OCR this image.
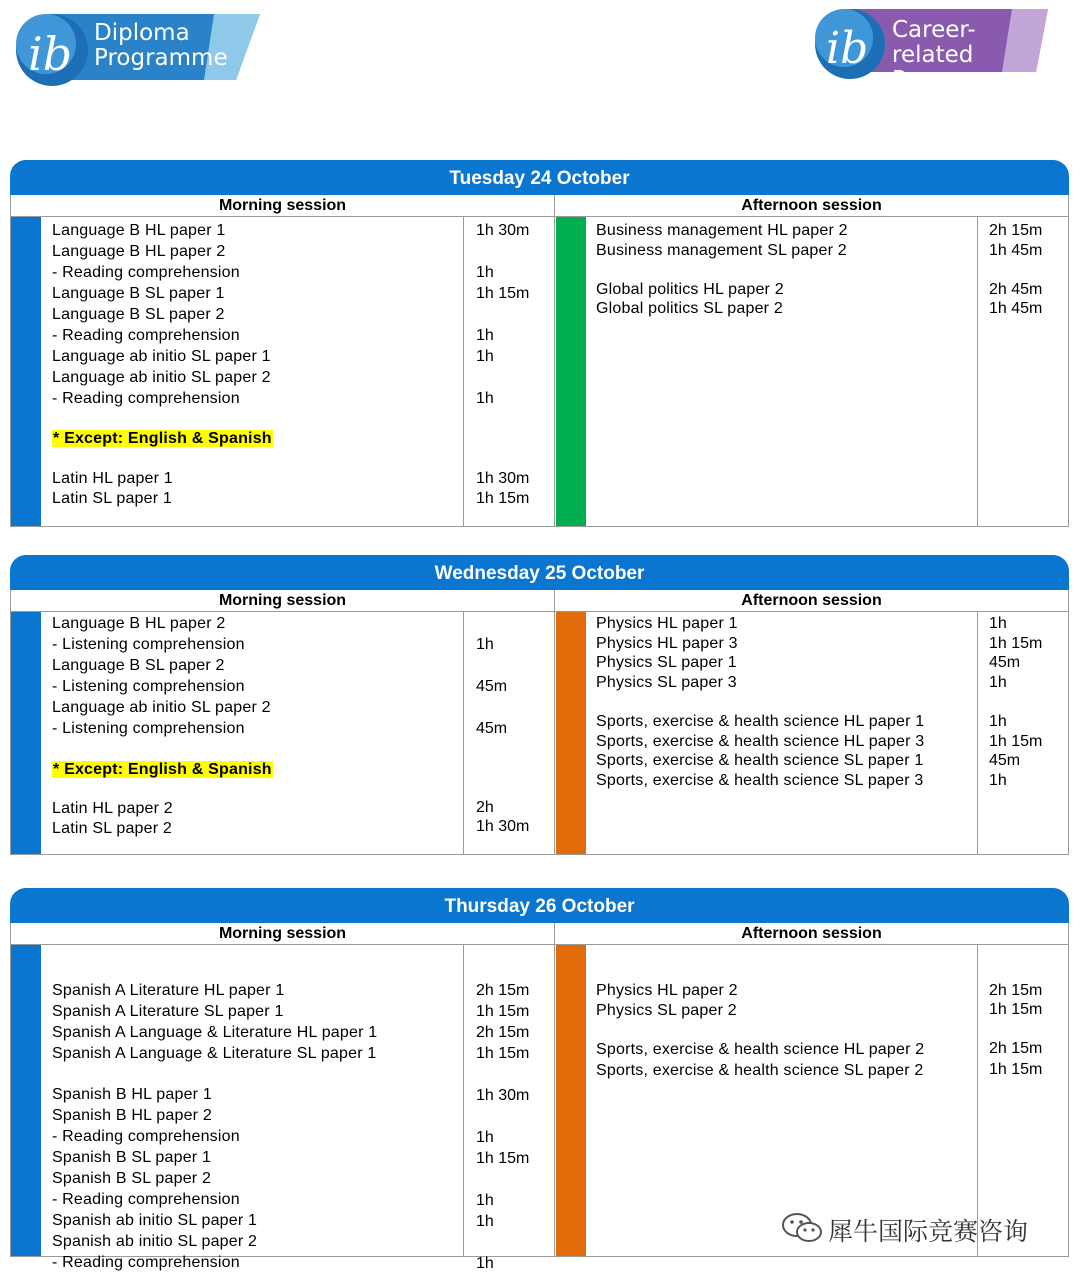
ib Diploma
Programme	ib Career-related
Programme
Tuesday 24 October
Morning session	Afternoon session
Language B HL paper 1	1h 30m
Language B HL paper 2
- Reading comprehension	1h
Language B SL paper 1	1h 15m
Language B SL paper 2
- Reading comprehension	1h
Language ab initio SL paper 1	1h
Language ab initio SL paper 2
- Reading comprehension	1h
* Except: English & Spanish
Latin HL paper 1	1h 30m
Latin SL paper 1	1h 15m
Business management HL paper 2	2h 15m
Business management SL paper 2	1h 45m
Global politics HL paper 2	2h 45m
Global politics SL paper 2	1h 45m
Wednesday 25 October
Morning session	Afternoon session
Language B HL paper 2
- Listening comprehension	1h
Language B SL paper 2
- Listening comprehension	45m
Language ab initio SL paper 2
- Listening comprehension	45m
* Except: English & Spanish
Latin HL paper 2	2h
Latin SL paper 2	1h 30m
Physics HL paper 1	1h
Physics HL paper 3	1h 15m
Physics SL paper 1	45m
Physics SL paper 3	1h
Sports, exercise & health science HL paper 1	1h
Sports, exercise & health science HL paper 3	1h 15m
Sports, exercise & health science SL paper 1	45m
Sports, exercise & health science SL paper 3	1h
Thursday 26 October
Morning session	Afternoon session
Spanish A Literature HL paper 1	2h 15m
Spanish A Literature SL paper 1	1h 15m
Spanish A Language & Literature HL paper 1	2h 15m
Spanish A Language & Literature SL paper 1	1h 15m
Spanish B HL paper 1	1h 30m
Spanish B HL paper 2
- Reading comprehension	1h
Spanish B SL paper 1	1h 15m
Spanish B SL paper 2
- Reading comprehension	1h
Spanish ab initio SL paper 1	1h
Spanish ab initio SL paper 2
- Reading comprehension	1h
Physics HL paper 2	2h 15m
Physics SL paper 2	1h 15m
Sports, exercise & health science HL paper 2	2h 15m
Sports, exercise & health science SL paper 2	1h 15m
犀牛国际竞赛咨询
